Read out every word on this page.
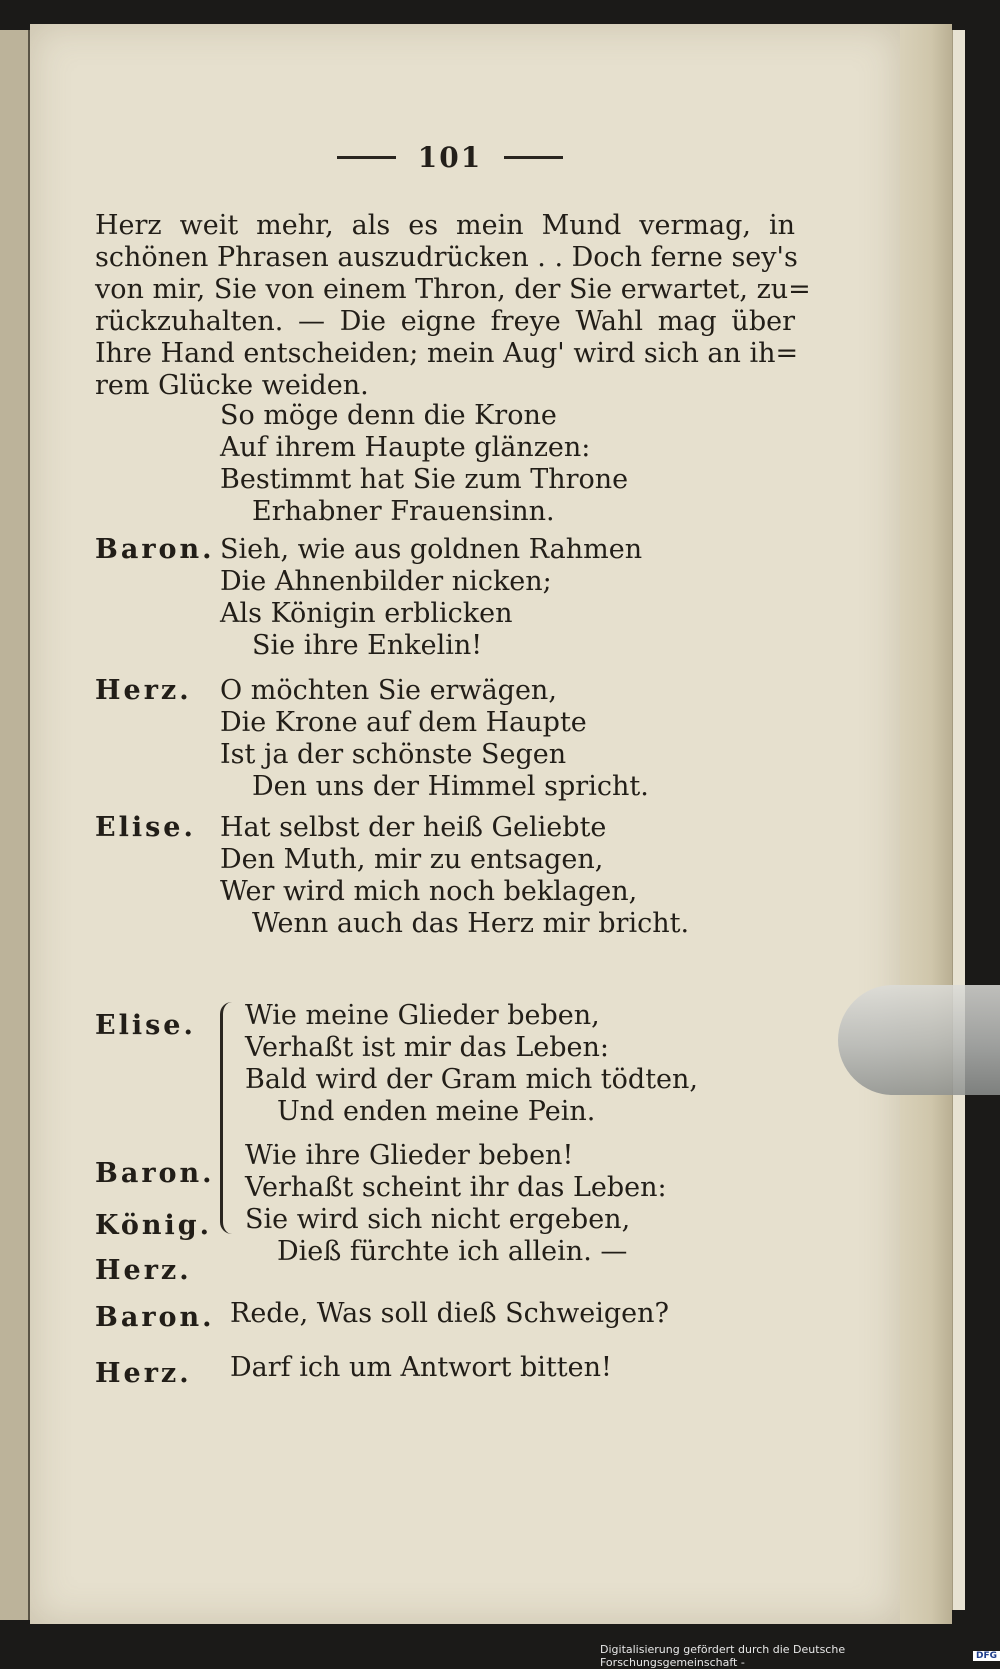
101
Herz weit mehr, als es mein Mund vermag, in
schönen Phrasen auszudrücken . . Doch ferne sey's
von mir, Sie von einem Thron, der Sie erwartet, zu=
rückzuhalten. — Die eigne freye Wahl mag über
Ihre Hand entscheiden; mein Aug' wird sich an ih=
rem Glücke weiden.
So möge denn die Krone
Auf ihrem Haupte glänzen:
Bestimmt hat Sie zum Throne
Erhabner Frauensinn.
Baron. Sieh, wie aus goldnen Rahmen
Die Ahnenbilder nicken;
Als Königin erblicken
Sie ihre Enkelin!
Herz. O möchten Sie erwägen,
Die Krone auf dem Haupte
Ist ja der schönste Segen
Den uns der Himmel spricht.
Elise. Hat selbst der heiß Geliebte
Den Muth, mir zu entsagen,
Wer wird mich noch beklagen,
Wenn auch das Herz mir bricht.
Elise. Wie meine Glieder beben,
Verhaßt ist mir das Leben:
Bald wird der Gram mich tödten,
Und enden meine Pein.
Baron.
König.
Herz.
Wie ihre Glieder beben!
Verhaßt scheint ihr das Leben:
Sie wird sich nicht ergeben,
Dieß fürchte ich allein. —
Baron. Rede, Was soll dieß Schweigen?
Herz. Darf ich um Antwort bitten!
Digitalisierung gefördert durch die Deutsche Forschungsgemeinschaft -	DFG
